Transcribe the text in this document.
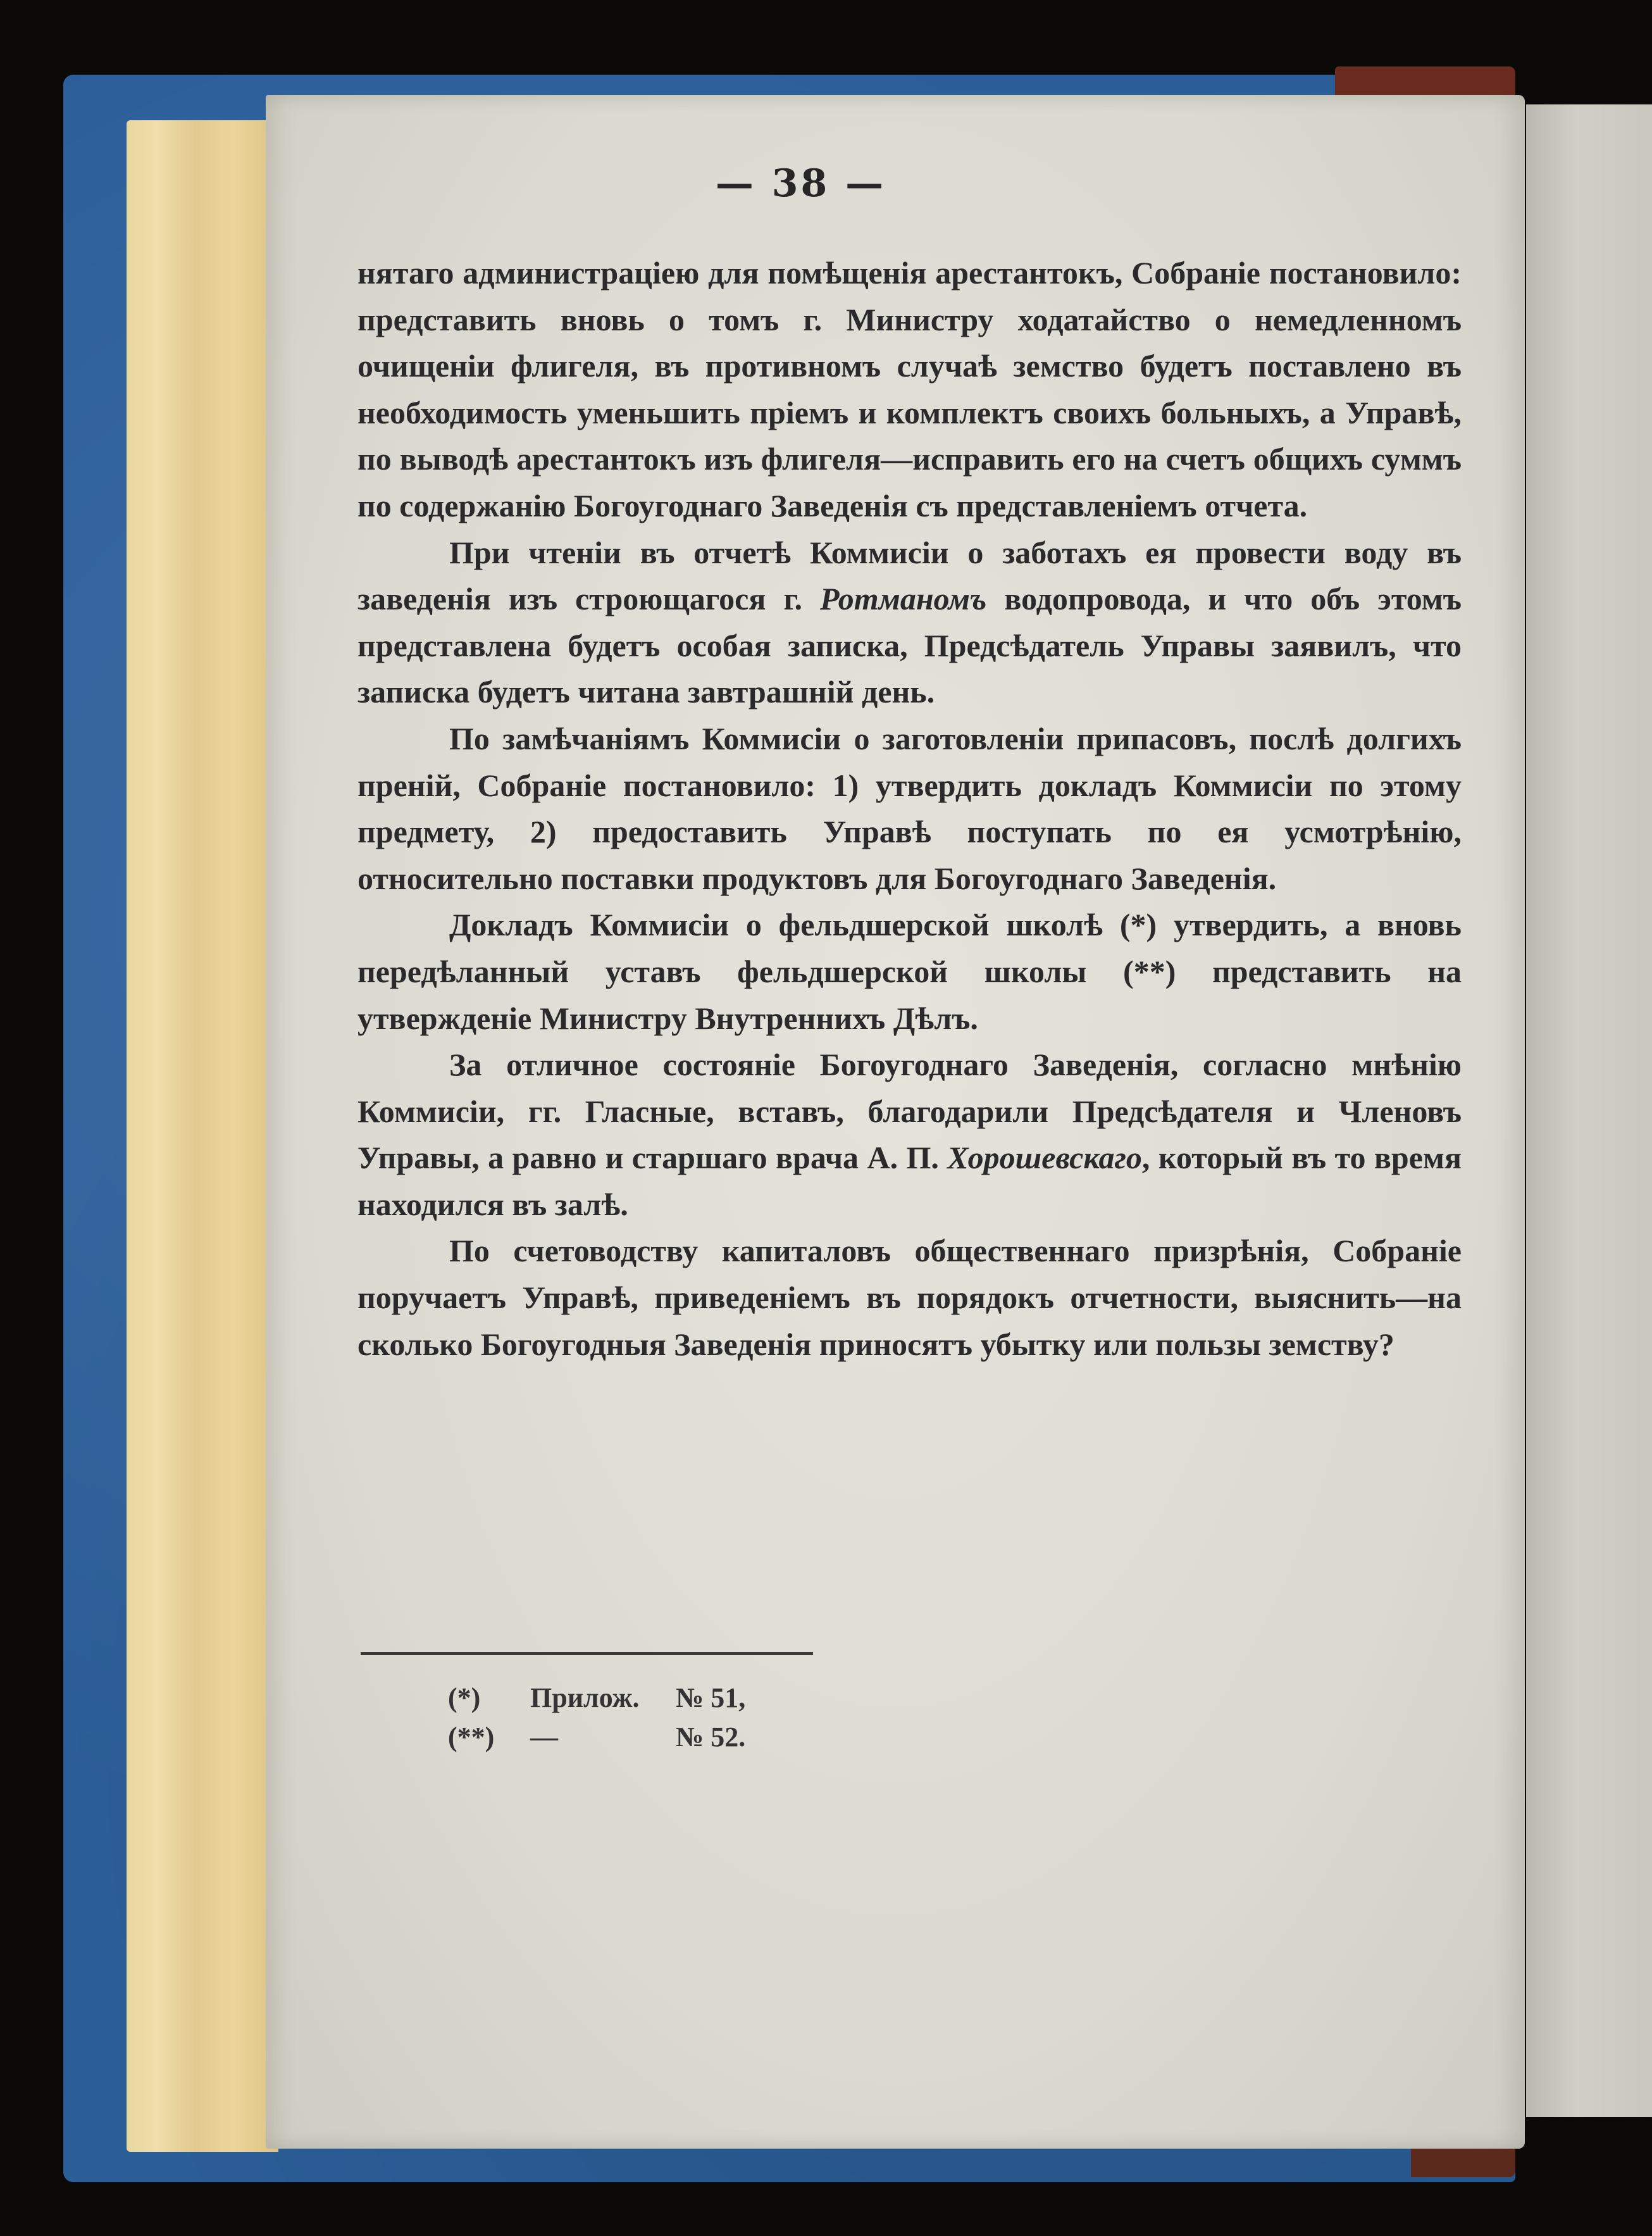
— 38 —

нятаго администраціею для помѣщенія арестантокъ, Собраніе постановило: представить вновь о томъ г. Министру ходатайство о немедленномъ очищеніи флигеля, въ противномъ случаѣ земство будетъ поставлено въ необходимость уменьшить пріемъ и комплектъ своихъ больныхъ, а Управѣ, по выводѣ арестантокъ изъ флигеля—исправить его на счетъ общихъ суммъ по содержанію Богоугоднаго Заведенія съ представленіемъ отчета.

При чтеніи въ отчетѣ Коммисіи о заботахъ ея провести воду въ заведенія изъ строющагося г. Ротманомъ водопровода, и что объ этомъ представлена будетъ особая записка, Предсѣдатель Управы заявилъ, что записка будетъ читана завтрашній день.

По замѣчаніямъ Коммисіи о заготовленіи припасовъ, послѣ долгихъ преній, Собраніе постановило: 1) утвердить докладъ Коммисіи по этому предмету, 2) предоставить Управѣ поступать по ея усмотрѣнію, относительно поставки продуктовъ для Богоугоднаго Заведенія.

Докладъ Коммисіи о фельдшерской школѣ (*) утвердить, а вновь передѣланный уставъ фельдшерской школы (**) представить на утвержденіе Министру Внутреннихъ Дѣлъ.

За отличное состояніе Богоугоднаго Заведенія, согласно мнѣнію Коммисіи, гг. Гласные, вставъ, благодарили Предсѣдателя и Членовъ Управы, а равно и старшаго врача А. П. Хорошевскаго, который въ то время находился въ залѣ.

По счетоводству капиталовъ общественнаго призрѣнія, Собраніе поручаетъ Управѣ, приведеніемъ въ порядокъ отчетности, выяснить—на сколько Богоугодныя Заведенія приносятъ убытку или пользы земству?

(*)	Прилож.	№ 51,
(**)	—	№ 52.
